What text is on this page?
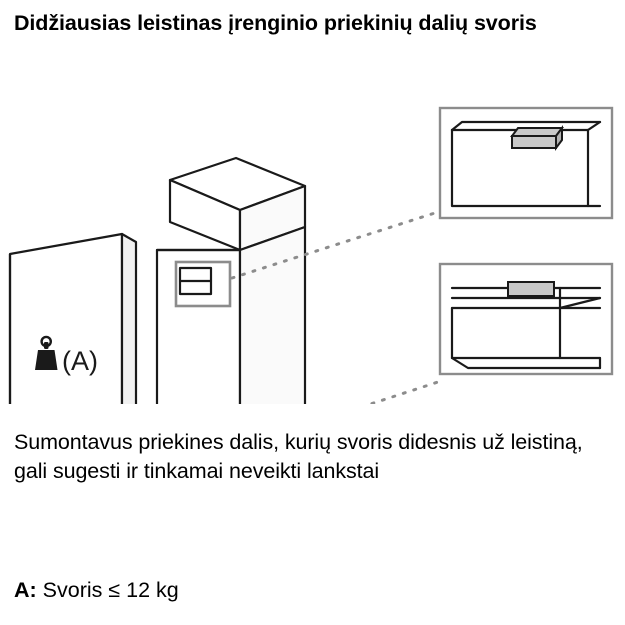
Didžiausias leistinas įrenginio priekinių dalių svoris
(A)
Sumontavus priekines dalis, kurių svoris didesnis už leistiną, gali sugesti ir tinkamai neveikti lankstai
A: Svoris ≤ 12 kg
